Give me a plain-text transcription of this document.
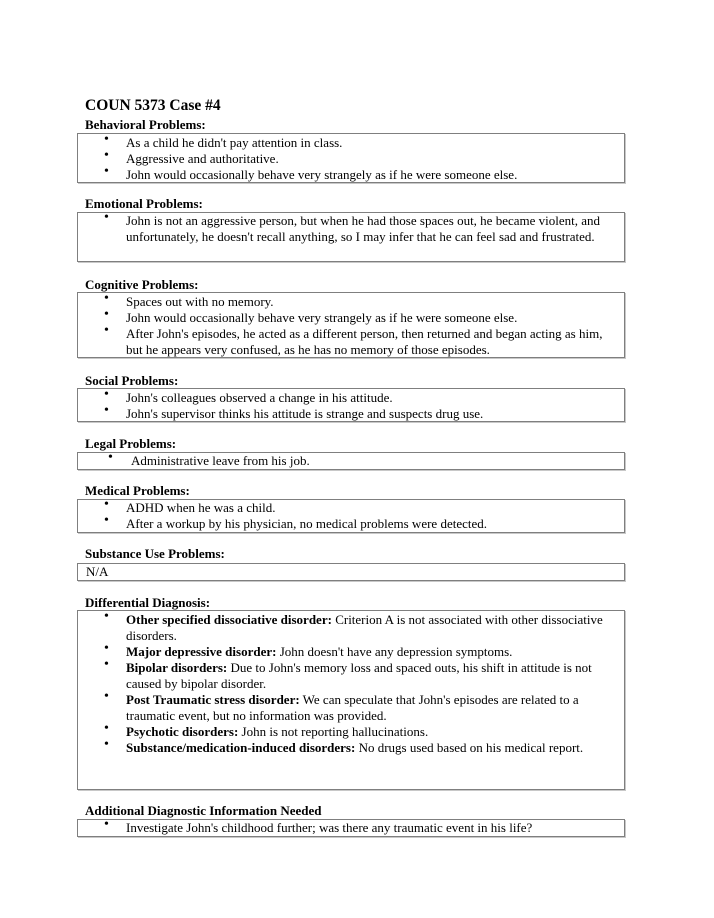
COUN 5373 Case #4
Behavioral Problems:
• As a child he didn't pay attention in class.
• Aggressive and authoritative.
• John would occasionally behave very strangely as if he were someone else.
Emotional Problems:
• John is not an aggressive person, but when he had those spaces out, he became violent, and unfortunately, he doesn't recall anything, so I may infer that he can feel sad and frustrated.
Cognitive Problems:
• Spaces out with no memory.
• John would occasionally behave very strangely as if he were someone else.
• After John's episodes, he acted as a different person, then returned and began acting as him, but he appears very confused, as he has no memory of those episodes.
Social Problems:
• John's colleagues observed a change in his attitude.
• John's supervisor thinks his attitude is strange and suspects drug use.
Legal Problems:
• Administrative leave from his job.
Medical Problems:
• ADHD when he was a child.
• After a workup by his physician, no medical problems were detected.
Substance Use Problems:
N/A
Differential Diagnosis:
• Other specified dissociative disorder: Criterion A is not associated with other dissociative disorders.
• Major depressive disorder: John doesn't have any depression symptoms.
• Bipolar disorders: Due to John's memory loss and spaced outs, his shift in attitude is not caused by bipolar disorder.
• Post Traumatic stress disorder: We can speculate that John's episodes are related to a traumatic event, but no information was provided.
• Psychotic disorders: John is not reporting hallucinations.
• Substance/medication-induced disorders: No drugs used based on his medical report.
Additional Diagnostic Information Needed
• Investigate John's childhood further; was there any traumatic event in his life?
